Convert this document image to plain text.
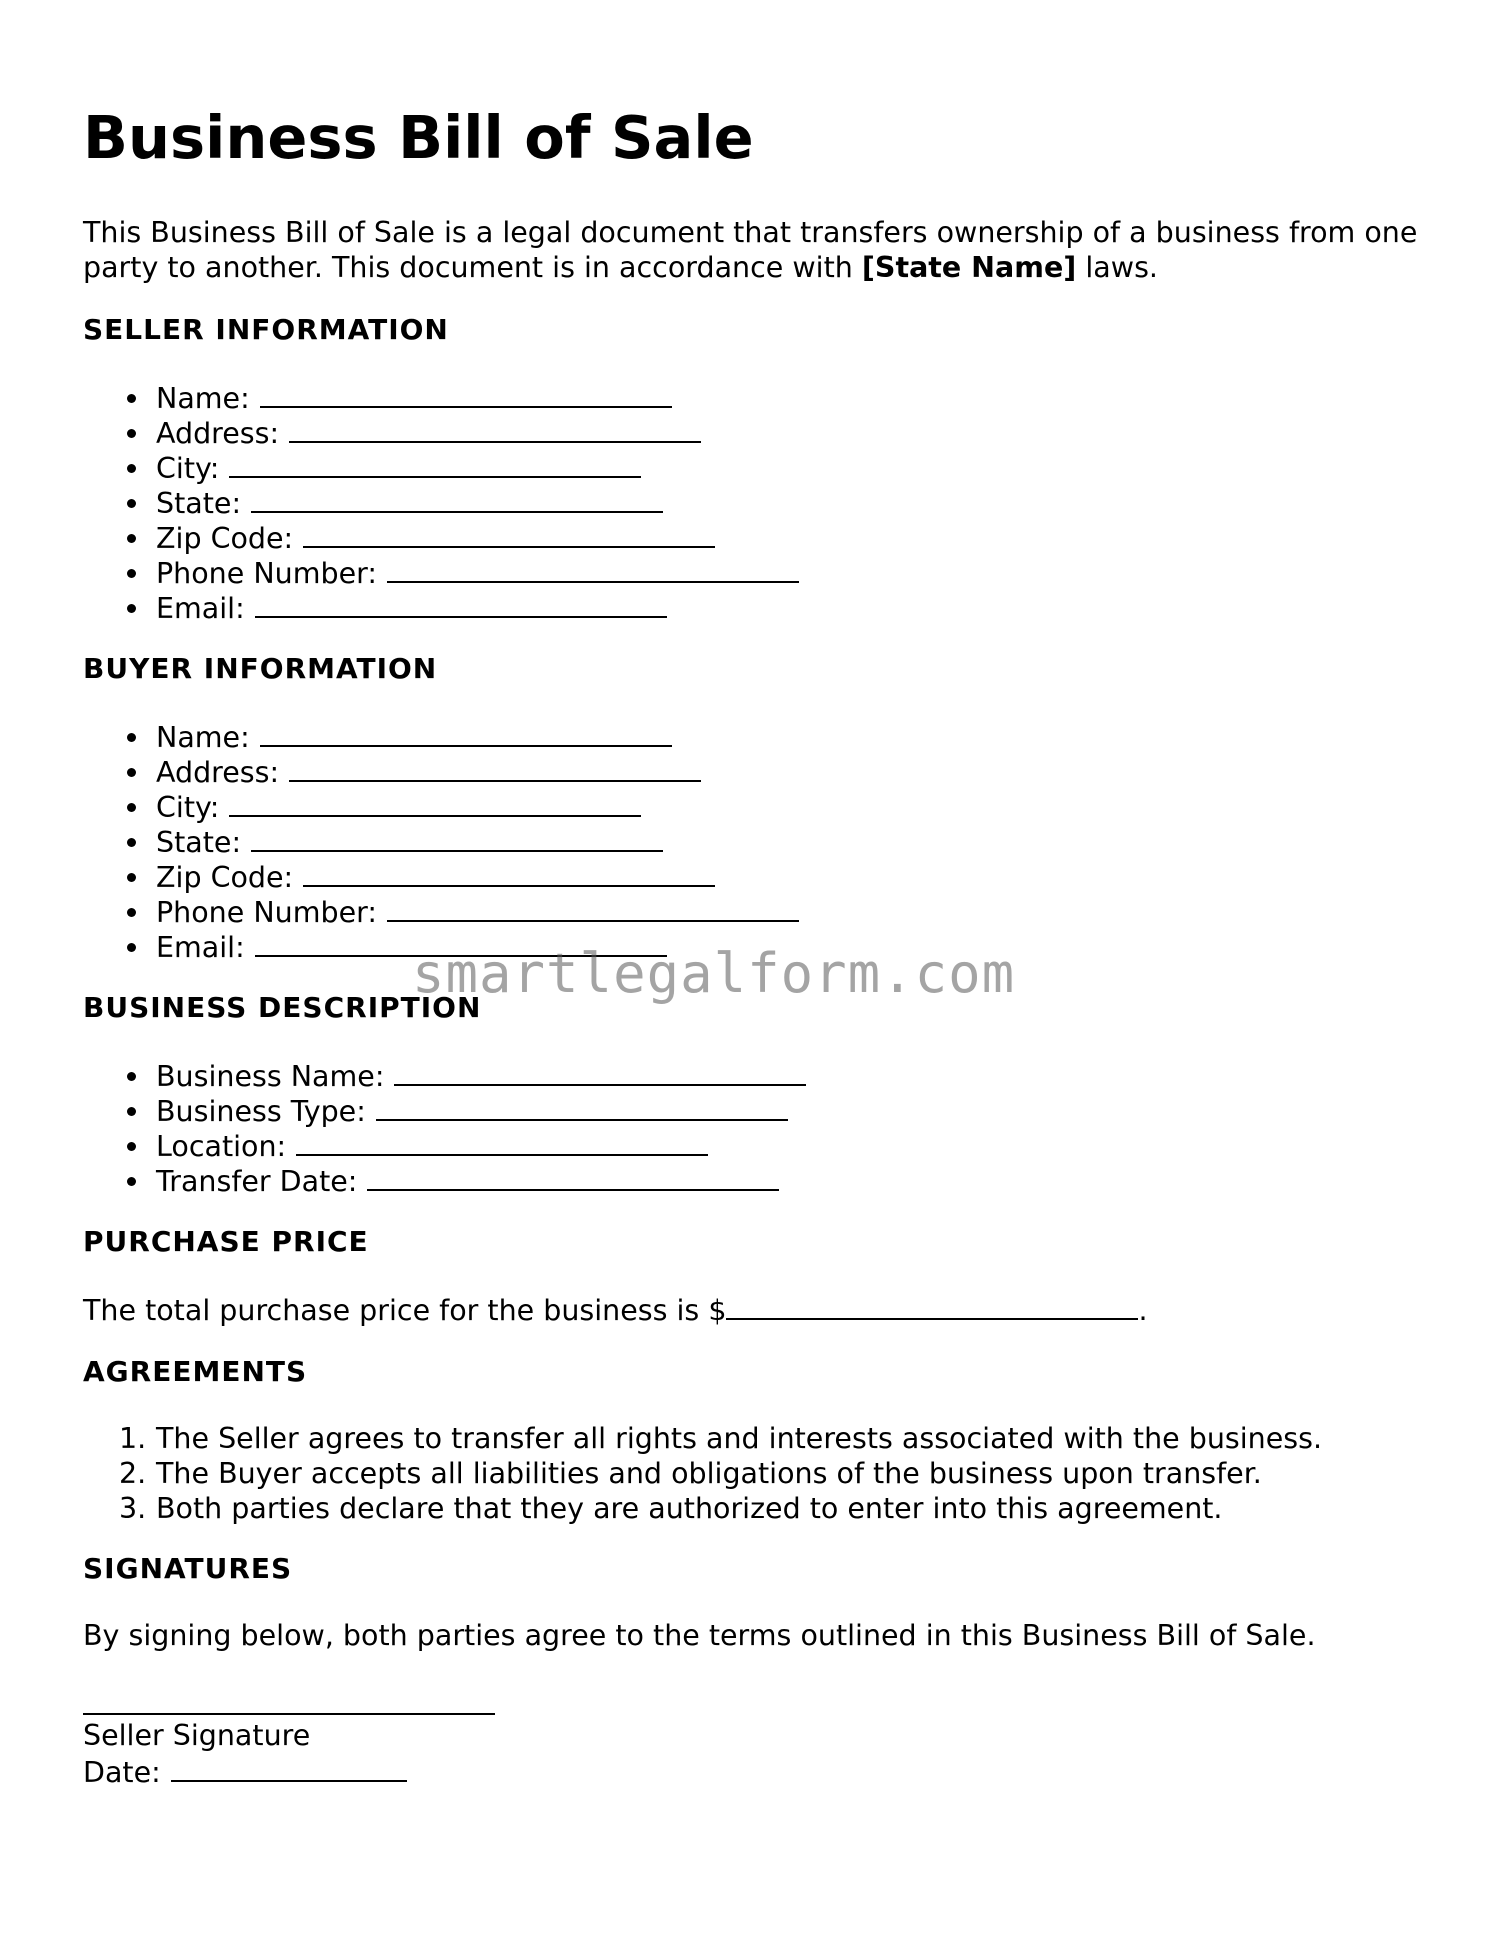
Business Bill of Sale

This Business Bill of Sale is a legal document that transfers ownership of a business from one party to another. This document is in accordance with [State Name] laws.

SELLER INFORMATION
Name:
Address:
City:
State:
Zip Code:
Phone Number:
Email:
BUYER INFORMATION
Name:
Address:
City:
State:
Zip Code:
Phone Number:
Email:
BUSINESS DESCRIPTION
Business Name:
Business Type:
Location:
Transfer Date:
PURCHASE PRICE

The total purchase price for the business is $	.

AGREEMENTS
1. The Seller agrees to transfer all rights and interests associated with the business.
2. The Buyer accepts all liabilities and obligations of the business upon transfer.
3. Both parties declare that they are authorized to enter into this agreement.
SIGNATURES

By signing below, both parties agree to the terms outlined in this Business Bill of Sale.

Seller Signature
Date:
smartlegalform.com
